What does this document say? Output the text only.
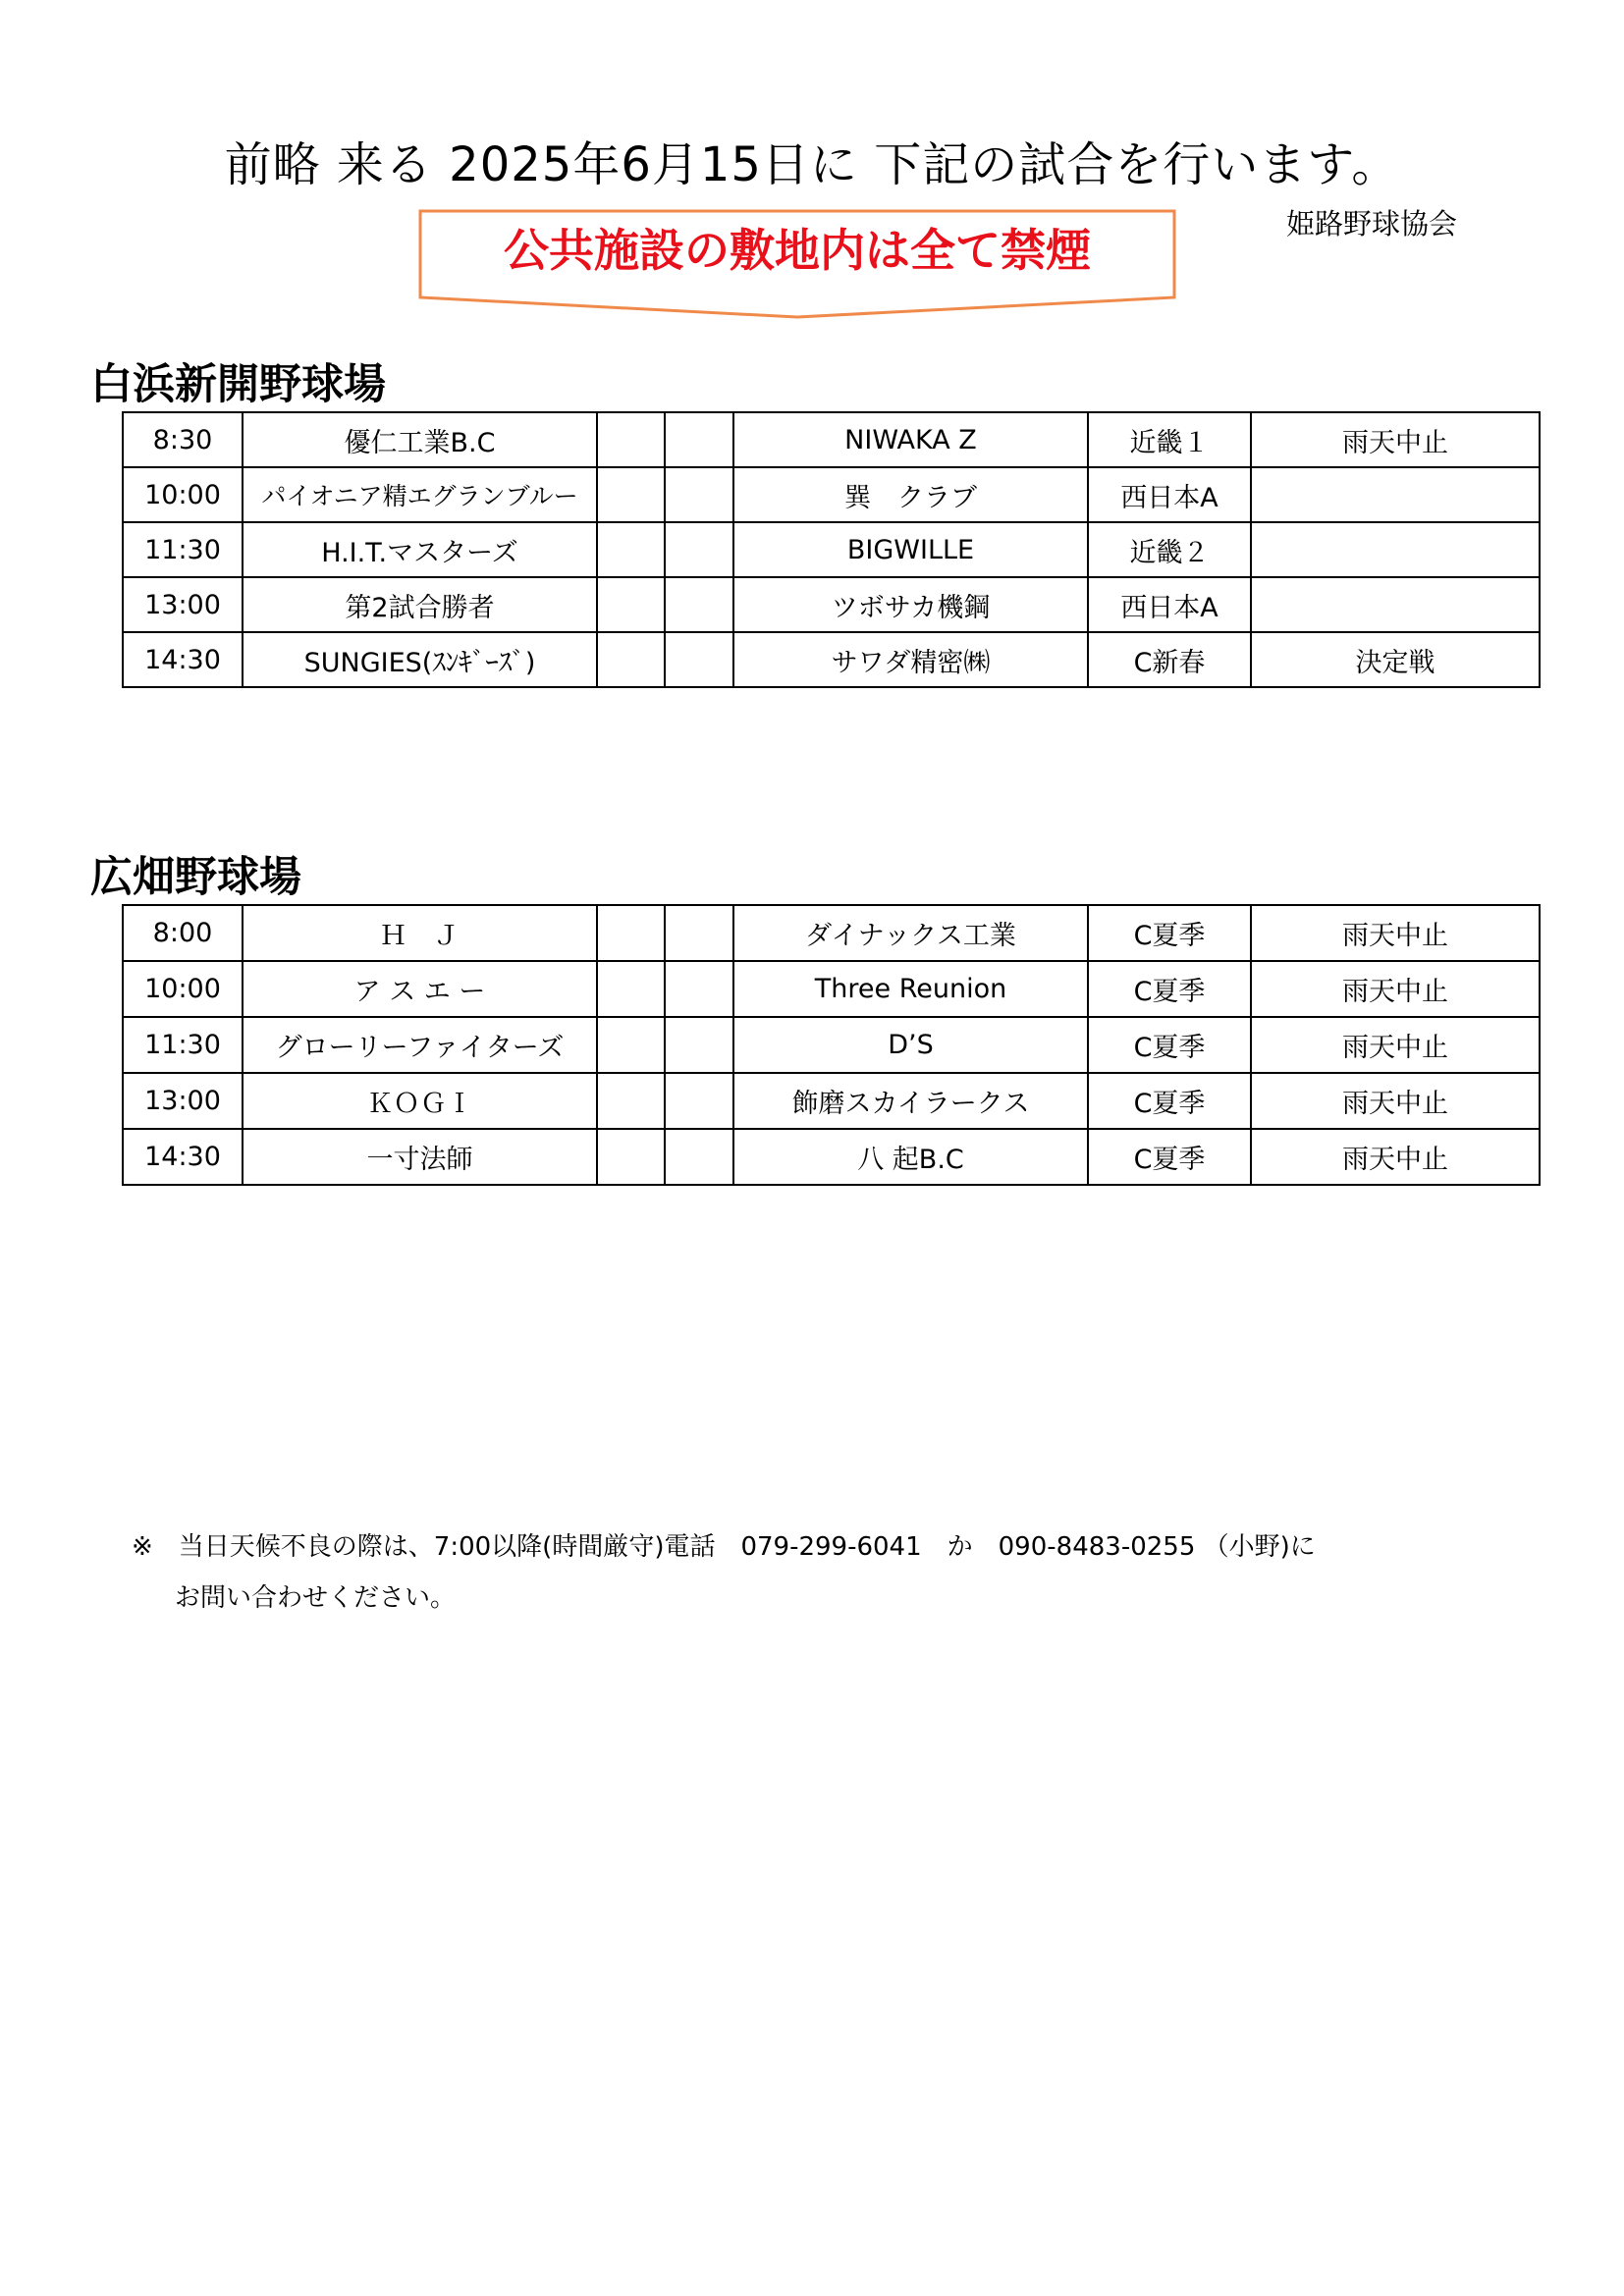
前略 来る 2025年6月15日に 下記の試合を行います。
姫路野球協会
公共施設の敷地内は全て禁煙
白浜新開野球場
8:30	優仁工業B.C			NIWAKA Z	近畿１	雨天中止
10:00	パイオニア精エグランブルー			巽　クラブ	西日本A	
11:30	H.I.T.マスターズ			BIGWILLE	近畿２	
13:00	第2試合勝者			ツボサカ機鋼	西日本A	
14:30	SUNGIES(ｽﾝｷﾞｰｽﾞ)			サワダ精密㈱	C新春	決定戦
広畑野球場
8:00	Ｈ　Ｊ			ダイナックス工業	C夏季	雨天中止
10:00	ア ス エ ー			Three Reunion	C夏季	雨天中止
11:30	グローリーファイターズ			D’S	C夏季	雨天中止
13:00	ＫＯＧＩ			飾磨スカイラークス	C夏季	雨天中止
14:30	一寸法師			八 起B.C	C夏季	雨天中止
※　当日天候不良の際は、7:00以降(時間厳守)電話　079-299-6041　か　090-8483-0255 （小野)に
お問い合わせください。
